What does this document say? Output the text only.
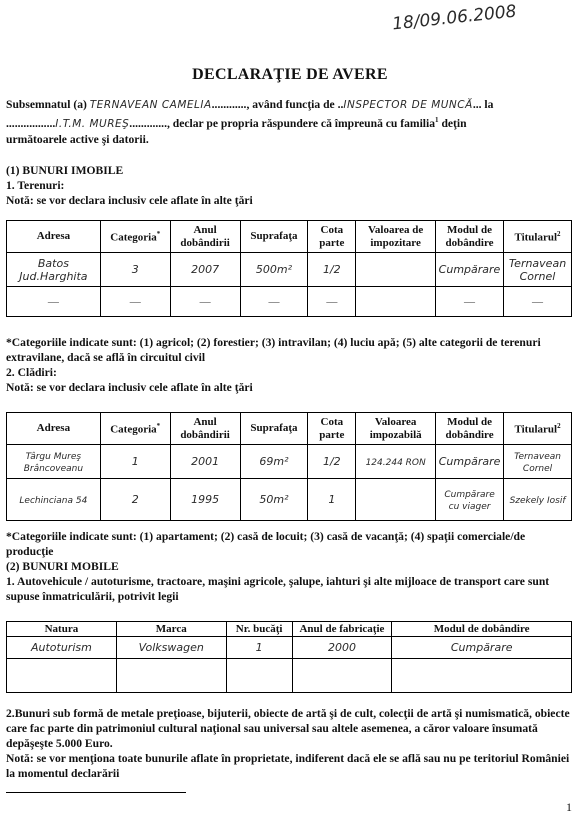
18/09.06.2008
DECLARAŢIE DE AVERE
Subsemnatul (a) TERNAVEAN CAMELIA............, având funcţia de ..INSPECTOR DE MUNCĂ... la
.................I.T.M. MUREŞ............., declar pe propria răspundere că împreună cu familia$^1$ deţin
următoarele active şi datorii.
(1) BUNURI IMOBILE
1. Terenuri:
Notă: se vor declara inclusiv cele aflate în alte ţări
Adresa	Categoria*	Anul dobândirii	Suprafaţa	Cota parte	Valoarea de impozitare	Modul de dobândire	Titularul$^2$
Batos Jud.Harghita	3	2007	500m²	1/2		Cumpărare	Ternavean Cornel
—	—	—	—	—		—	—
*Categoriile indicate sunt: (1) agricol; (2) forestier; (3) intravilan; (4) luciu apă; (5) alte categorii de terenuri extravilane, dacă se află în circuitul civil
2. Clădiri:
Notă: se vor declara inclusiv cele aflate în alte ţări
Adresa	Categoria*	Anul dobândirii	Suprafaţa	Cota parte	Valoarea impozabilă	Modul de dobândire	Titularul$^2$
Târgu Mureş Brâncoveanu	1	2001	69m²	1/2	124.244 RON	Cumpărare	Ternavean Cornel
Lechinciana 54	2	1995	50m²	1		Cumpărare cu viager	Szekely Iosif
*Categoriile indicate sunt: (1) apartament; (2) casă de locuit; (3) casă de vacanţă; (4) spaţii comerciale/de producţie
(2) BUNURI MOBILE
1. Autovehicule / autoturisme, tractoare, maşini agricole, şalupe, iahturi şi alte mijloace de transport care sunt supuse înmatriculării, potrivit legii
Natura	Marca	Nr. bucăţi	Anul de fabricaţie	Modul de dobândire
Autoturism	Volkswagen	1	2000	Cumpărare

2.Bunuri sub formă de metale preţioase, bijuterii, obiecte de artă şi de cult, colecţii de artă şi numismatică, obiecte care fac parte din patrimoniul cultural naţional sau universal sau altele asemenea, a căror valoare însumată depăşeşte 5.000 Euro.
Notă: se vor menţiona toate bunurile aflate în proprietate, indiferent dacă ele se află sau nu pe teritoriul României la momentul declarării
1
